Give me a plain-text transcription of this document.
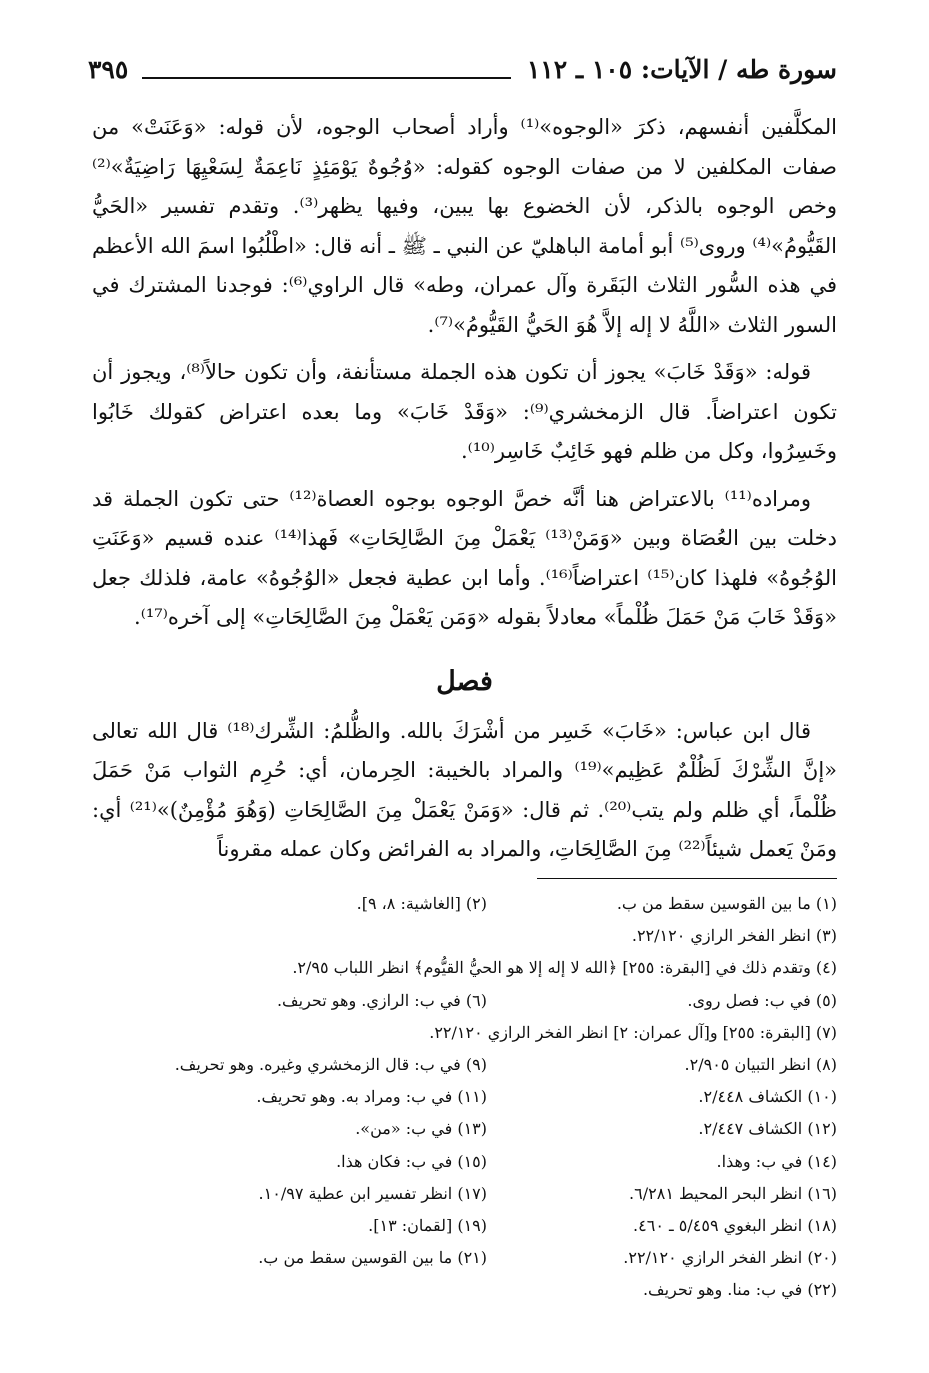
سورة طه / الآيات: ١٠٥ ـ ١١٢
٣٩٥

المكلَّفين أنفسهم، ذكرَ «الوجوه»⁽¹⁾ وأراد أصحاب الوجوه، لأن قوله: «وَعَنَتْ» من صفات المكلفين لا من صفات الوجوه كقوله: «وُجُوهٌ يَوْمَئِذٍ نَاعِمَةٌ لِسَعْيِهَا رَاضِيَةٌ»⁽²⁾ وخص الوجوه بالذكر، لأن الخضوع بها يبين، وفيها يظهر⁽³⁾. وتقدم تفسير «الحَيُّ القَيُّومُ»⁽⁴⁾ وروى⁽⁵⁾ أبو أمامة الباهليّ عن النبي ـ ﷺ ـ أنه قال: «اطْلُبُوا اسمَ الله الأعظم في هذه السُّور الثلاث البَقَرة وآل عمران، وطه» قال الراوي⁽⁶⁾: فوجدنا المشترك في السور الثلاث «اللَّهُ لا إله إلاَّ هُوَ الحَيُّ القَيُّومُ»⁽⁷⁾.

قوله: «وَقَدْ خَابَ» يجوز أن تكون هذه الجملة مستأنفة، وأن تكون حالاً⁽⁸⁾، ويجوز أن تكون اعتراضاً. قال الزمخشري⁽⁹⁾: «وَقَدْ خَابَ» وما بعده اعتراض كقولك خَابُوا وخَسِرُوا، وكل من ظلم فهو خَائِبٌ خَاسِر⁽¹⁰⁾.

ومراده⁽¹¹⁾ بالاعتراض هنا أنَّه خصَّ الوجوه بوجوه العصاة⁽¹²⁾ حتى تكون الجملة قد دخلت بين العُصَاة وبين «وَمَنْ⁽¹³⁾ يَعْمَلْ مِنَ الصَّالِحَاتِ» فَهذا⁽¹⁴⁾ عنده قسيم «وَعَنَتِ الوُجُوهُ» فلهذا كان⁽¹⁵⁾ اعتراضاً⁽¹⁶⁾. وأما ابن عطية فجعل «الوُجُوهُ» عامة، فلذلك جعل «وَقَدْ خَابَ مَنْ حَمَلَ ظُلْماً» معادلاً بقوله «وَمَن يَعْمَلْ مِنَ الصَّالِحَاتِ» إلى آخره⁽¹⁷⁾.

فصل

قال ابن عباس: «خَابَ» خَسِر من أشْرَكَ بالله. والظُّلمُ: الشِّرك⁽¹⁸⁾ قال الله تعالى «إنَّ الشِّرْكَ لَظُلْمٌ عَظِيم»⁽¹⁹⁾ والمراد بالخيبة: الحِرمان، أي: حُرِم الثواب مَنْ حَمَلَ ظُلْماً، أي ظلم ولم يتب⁽²⁰⁾. ثم قال: «وَمَنْ يَعْمَلْ مِنَ الصَّالِحَاتِ (وَهُوَ مُؤْمِنٌ)»⁽²¹⁾ أي: ومَنْ يَعمل شيئاً⁽²²⁾ مِنَ الصَّالِحَاتِ، والمراد به الفرائض وكان عمله مقروناً

(١) ما بين القوسين سقط من ب.
(٢) [الغاشية: ٨، ٩].
(٣) انظر الفخر الرازي ٢٢/١٢٠.
(٤) وتقدم ذلك في [البقرة: ٢٥٥] ﴿الله لا إله إلا هو الحيُّ القيُّوم﴾ انظر اللباب ٢/٩٥.
(٥) في ب: فصل روى.
(٦) في ب: الرازي. وهو تحريف.
(٧) [البقرة: ٢٥٥] و[آل عمران: ٢] انظر الفخر الرازي ٢٢/١٢٠.
(٨) انظر التبيان ٢/٩٠٥.
(٩) في ب: قال الزمخشري وغيره. وهو تحريف.
(١٠) الكشاف ٢/٤٤٨.
(١١) في ب: ومراد به. وهو تحريف.
(١٢) الكشاف ٢/٤٤٧.
(١٣) في ب: «من».
(١٤) في ب: وهذا.
(١٥) في ب: فكان هذا.
(١٦) انظر البحر المحيط ٦/٢٨١.
(١٧) انظر تفسير ابن عطية ١٠/٩٧.
(١٨) انظر البغوي ٥/٤٥٩ ـ ٤٦٠.
(١٩) [لقمان: ١٣].
(٢٠) انظر الفخر الرازي ٢٢/١٢٠.
(٢١) ما بين القوسين سقط من ب.
(٢٢) في ب: منا. وهو تحريف.
